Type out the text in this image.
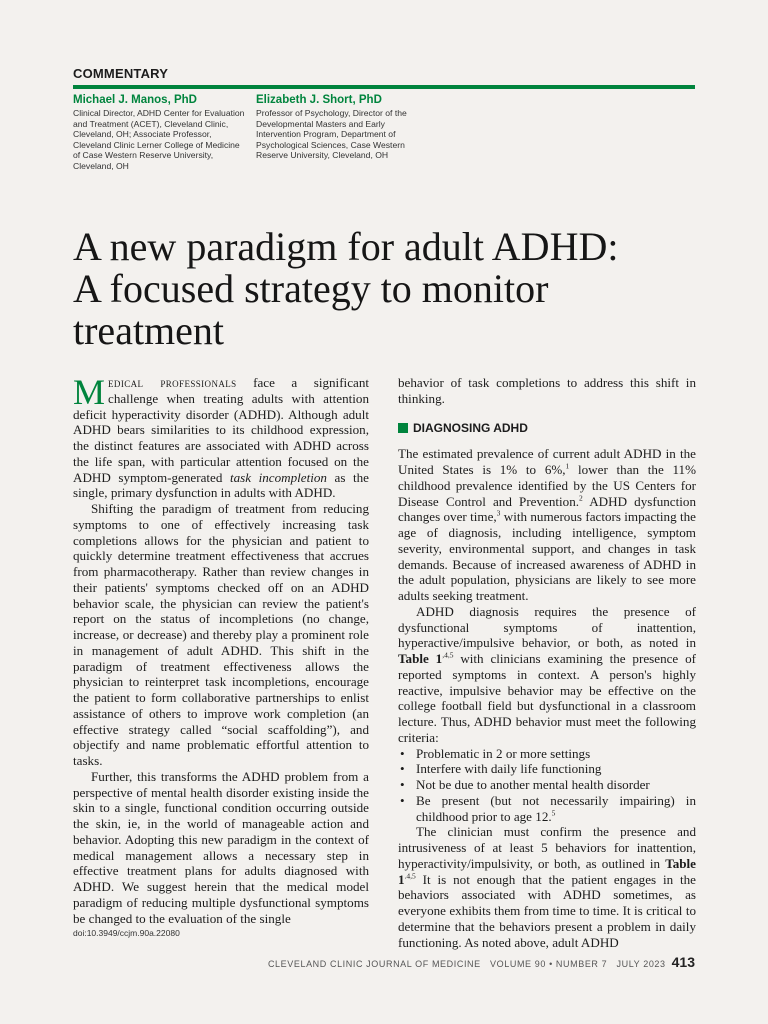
COMMENTARY
Michael J. Manos, PhD
Clinical Director, ADHD Center for Evaluation and Treatment (ACET), Cleveland Clinic, Cleveland, OH; Associate Professor, Cleveland Clinic Lerner College of Medicine of Case Western Reserve University, Cleveland, OH
Elizabeth J. Short, PhD
Professor of Psychology, Director of the Developmental Masters and Early Intervention Program, Department of Psychological Sciences, Case Western Reserve University, Cleveland, OH
A new paradigm for adult ADHD:
A focused strategy to monitor
treatment

Medical professionals face a significant challenge when treating adults with attention deficit hyperactivity disorder (ADHD). Although adult ADHD bears similarities to its childhood expression, the distinct features are associated with ADHD across the life span, with particular attention focused on the ADHD symptom-generated task incompletion as the single, primary dysfunction in adults with ADHD.

Shifting the paradigm of treatment from reducing symptoms to one of effectively increasing task completions allows for the physician and patient to quickly determine treatment effectiveness that accrues from pharmacotherapy. Rather than review changes in their patients' symptoms checked off on an ADHD behavior scale, the physician can review the patient's report on the status of incompletions (no change, increase, or decrease) and thereby play a prominent role in management of adult ADHD. This shift in the paradigm of treatment effectiveness allows the physician to reinterpret task incompletions, encourage the patient to form collaborative partnerships to enlist assistance of others to improve work completion (an effective strategy called “social scaffolding”), and objectify and name problematic effortful attention to tasks.

Further, this transforms the ADHD problem from a perspective of mental health disorder existing inside the skin to a single, functional condition occurring outside the skin, ie, in the world of manageable action and behavior. Adopting this new paradigm in the context of medical management allows a necessary step in effective treatment plans for adults diagnosed with ADHD. We suggest herein that the medical model paradigm of reducing multiple dysfunctional symptoms be changed to the evaluation of the single

doi:10.3949/ccjm.90a.22080

behavior of task completions to address this shift in thinking.

DIAGNOSING ADHD

The estimated prevalence of current adult ADHD in the United States is 1% to 6%,$^1$ lower than the 11% childhood prevalence identified by the US Centers for Disease Control and Prevention.$^2$ ADHD dysfunction changes over time,$^3$ with numerous factors impacting the age of diagnosis, including intelligence, symptom severity, environmental support, and changes in task demands. Because of increased awareness of ADHD in the adult population, physicians are likely to see more adults seeking treatment.

ADHD diagnosis requires the presence of dysfunctional symptoms of inattention, hyperactive/impulsive behavior, or both, as noted in Table $1^{,4,5}$ with clinicians examining the presence of reported symptoms in context. A person's highly reactive, impulsive behavior may be effective on the college football field but dysfunctional in a classroom lecture. Thus, ADHD behavior must meet the following criteria:

• Problematic in 2 or more settings
• Interfere with daily life functioning
• Not be due to another mental health disorder
• Be present (but not necessarily impairing) in childhood prior to age 12.$^5$

The clinician must confirm the presence and intrusiveness of at least 5 behaviors for inattention, hyperactivity/impulsivity, or both, as outlined in Table $1^{.4,5}$ It is not enough that the patient engages in the behaviors associated with ADHD sometimes, as everyone exhibits them from time to time. It is critical to determine that the behaviors present a problem in daily functioning. As noted above, adult ADHD

CLEVELAND CLINIC JOURNAL OF MEDICINE   VOLUME 90 • NUMBER 7   JULY 2023 413
